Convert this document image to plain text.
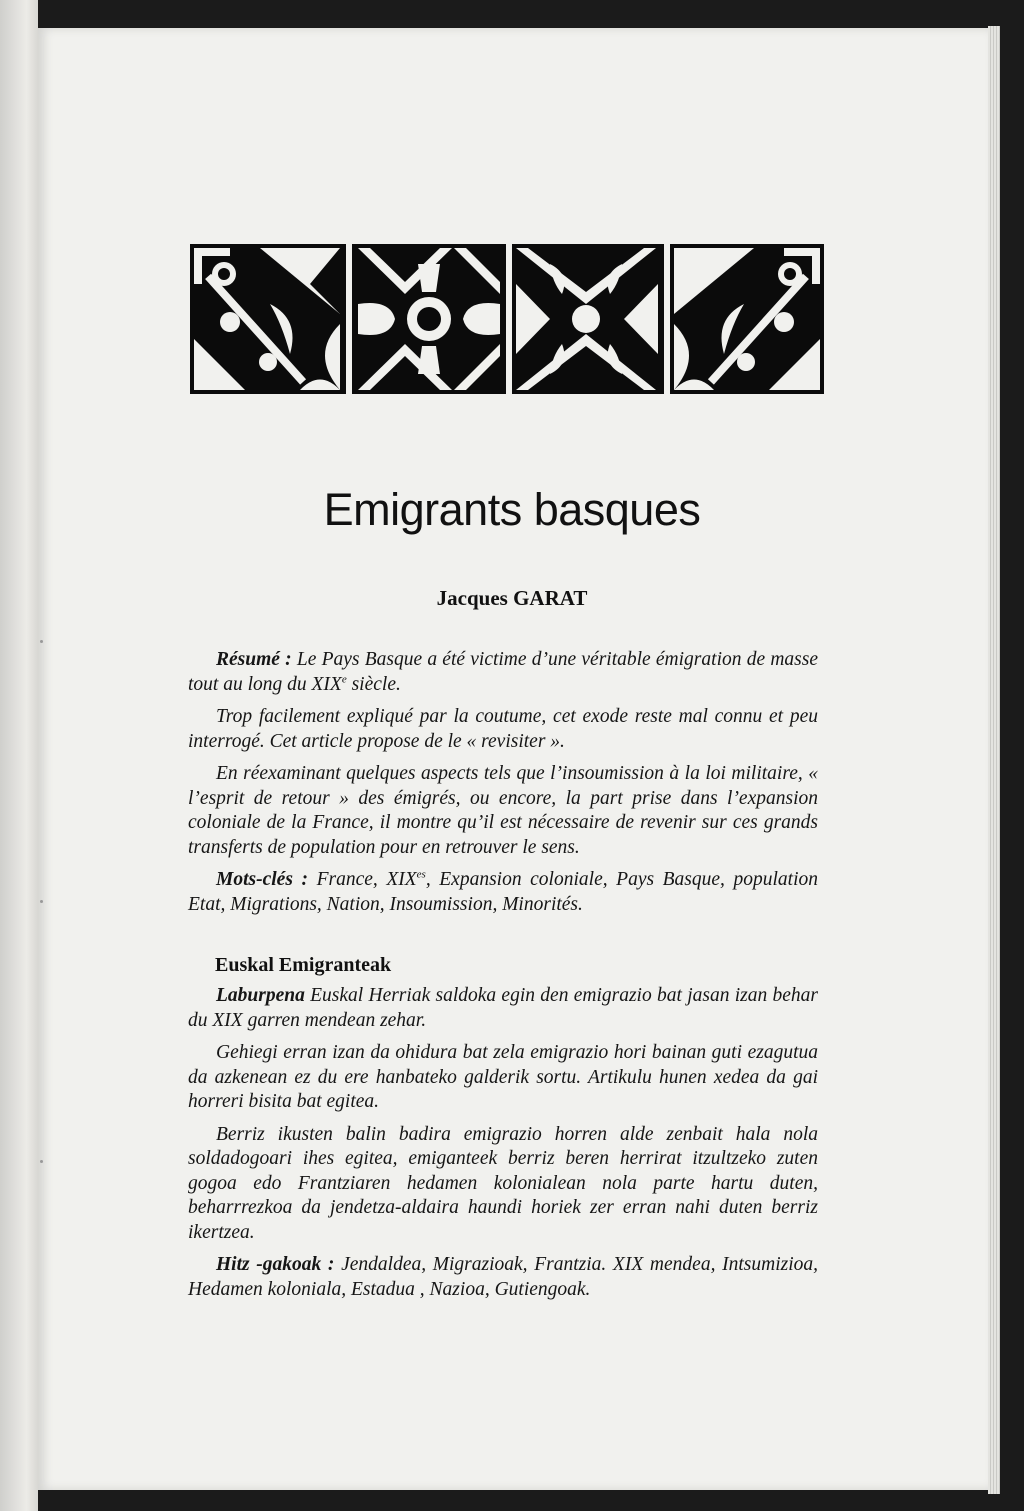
Emigrants basques
Jacques GARAT

Résumé : Le Pays Basque a été victime d’une véritable émigration de masse tout au long du XIXe siècle.

Trop facilement expliqué par la coutume, cet exode reste mal connu et peu interrogé. Cet article propose de le « revisiter ».

En réexaminant quelques aspects tels que l’insoumission à la loi militaire, « l’esprit de retour » des émigrés, ou encore, la part prise dans l’expansion coloniale de la France, il montre qu’il est nécessaire de revenir sur ces grands transferts de population pour en retrouver le sens.

Mots-clés : France, $XIX^{es}$, Expansion coloniale, Pays Basque, population Etat, Migrations, Nation, Insoumission, Minorités.

Euskal Emigranteak

Laburpena Euskal Herriak saldoka egin den emigrazio bat jasan izan behar du XIX garren mendean zehar.

Gehiegi erran izan da ohidura bat zela emigrazio hori bainan guti ezagutua da azkenean ez du ere hanbateko galderik sortu. Artikulu hunen xedea da gai horreri bisita bat egitea.

Berriz ikusten balin badira emigrazio horren alde zenbait hala nola soldadogoari ihes egitea, emiganteek berriz beren herrirat itzultzeko zuten gogoa edo Frantziaren hedamen kolonialean nola parte hartu duten, beharrrezkoa da jendetza-aldaira haundi horiek zer erran nahi duten berriz ikertzea.

Hitz -gakoak : Jendaldea, Migrazioak, Frantzia. XIX mendea, Intsumizioa, Hedamen koloniala, Estadua , Nazioa, Gutiengoak.
